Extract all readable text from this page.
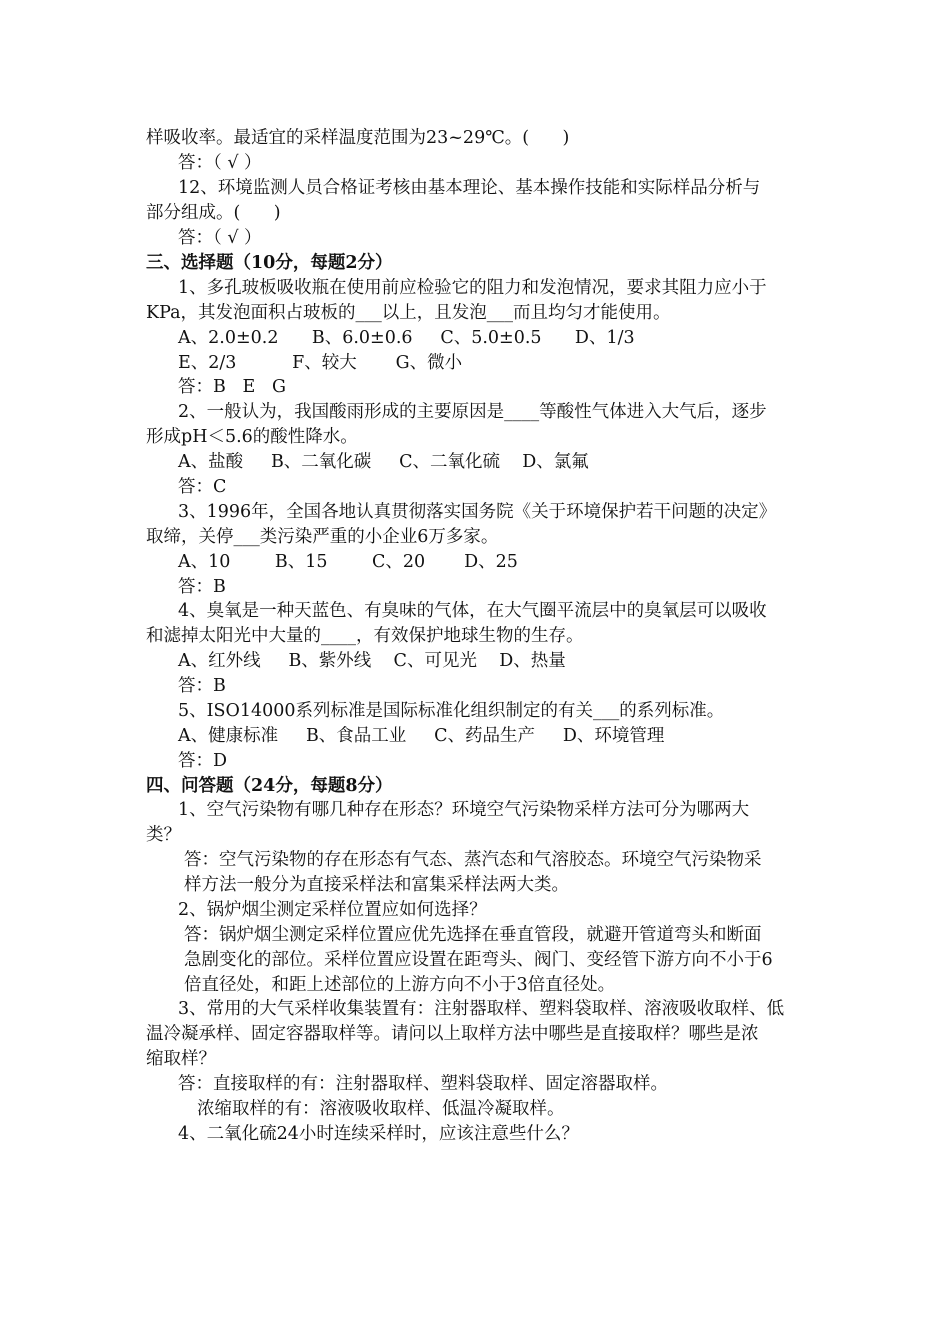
样吸收率。最适宜的采样温度范围为23~29℃。(      )
答：（ √ ）
12、环境监测人员合格证考核由基本理论、基本操作技能和实际样品分析与
部分组成。(      )
答：（ √ ）
三、选择题（10分，每题2分）
1、多孔玻板吸收瓶在使用前应检验它的阻力和发泡情况，要求其阻力应小于
KPa，其发泡面积占玻板的___以上，且发泡___而且均匀才能使用。
A、2.0±0.2      B、6.0±0.6     C、5.0±0.5      D、1/3
E、2/3          F、较大       G、微小
答：B   E   G
2、一般认为，我国酸雨形成的主要原因是____等酸性气体进入大气后，逐步
形成pH＜5.6的酸性降水。
A、盐酸     B、二氧化碳     C、二氧化硫    D、氯氟
答：C
3、1996年，全国各地认真贯彻落实国务院《关于环境保护若干问题的决定》
取缔，关停___类污染严重的小企业6万多家。
A、10        B、15        C、20       D、25
答：B
4、臭氧是一种天蓝色、有臭味的气体，在大气圈平流层中的臭氧层可以吸收
和滤掉太阳光中大量的____，有效保护地球生物的生存。
A、红外线     B、紫外线    C、可见光    D、热量
答：B
5、ISO14000系列标准是国际标准化组织制定的有关___的系列标准。
A、健康标准     B、食品工业     C、药品生产     D、环境管理
答：D
四、问答题（24分，每题8分）
1、空气污染物有哪几种存在形态？环境空气污染物采样方法可分为哪两大
类？
答：空气污染物的存在形态有气态、蒸汽态和气溶胶态。环境空气污染物采
样方法一般分为直接采样法和富集采样法两大类。
2、锅炉烟尘测定采样位置应如何选择？
答：锅炉烟尘测定采样位置应优先选择在垂直管段，就避开管道弯头和断面
急剧变化的部位。采样位置应设置在距弯头、阀门、变经管下游方向不小于6
倍直径处，和距上述部位的上游方向不小于3倍直径处。
3、常用的大气采样收集装置有：注射器取样、塑料袋取样、溶液吸收取样、低
温冷凝承样、固定容器取样等。请问以上取样方法中哪些是直接取样？哪些是浓
缩取样？
答：直接取样的有：注射器取样、塑料袋取样、固定溶器取样。
浓缩取样的有：溶液吸收取样、低温冷凝取样。
4、二氧化硫24小时连续采样时，应该注意些什么？
